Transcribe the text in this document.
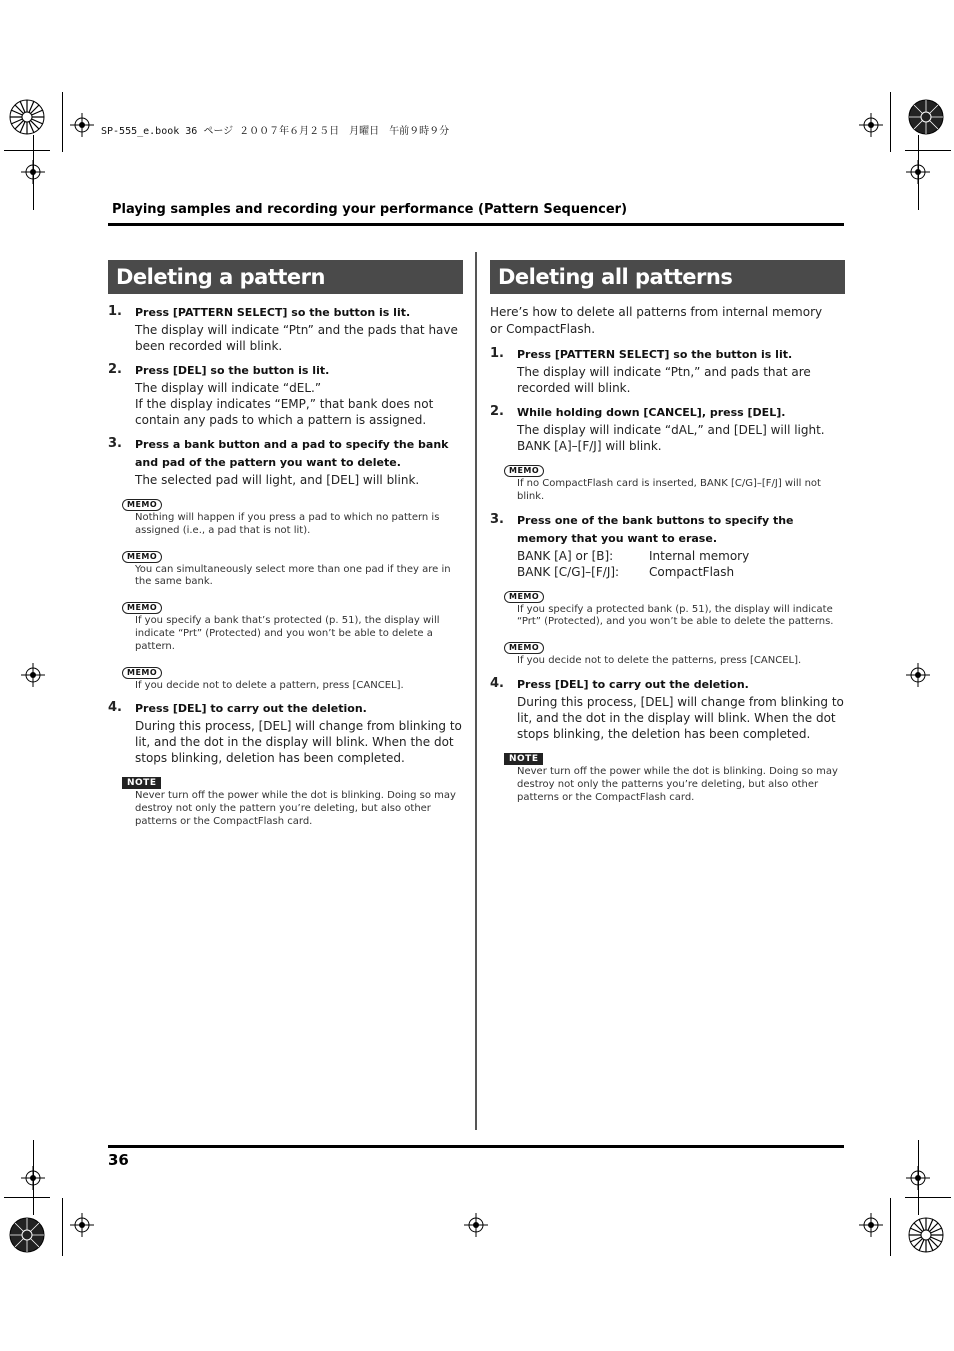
SP-555_e.book 36 ページ ２００７年６月２５日　月曜日　午前９時９分
Playing samples and recording your performance (Pattern Sequencer)
Deleting a pattern
1. Press [PATTERN SELECT] so the button is lit.

The display will indicate “Ptn” and the pads that have been recorded will blink.

2. Press [DEL] so the button is lit.

The display will indicate “dEL.”

If the display indicates “EMP,” that bank does not contain any pads to which a pattern is assigned.

3. Press a bank button and a pad to specify the bank and pad of the pattern you want to delete.

The selected pad will light, and [DEL] will blink.

MEMO
Nothing will happen if you press a pad to which no pattern is assigned (i.e., a pad that is not lit).
MEMO
You can simultaneously select more than one pad if they are in the same bank.
MEMO
If you specify a bank that’s protected (p. 51), the display will indicate “Prt” (Protected) and you won’t be able to delete a pattern.
MEMO
If you decide not to delete a pattern, press [CANCEL].
4. Press [DEL] to carry out the deletion.

During this process, [DEL] will change from blinking to lit, and the dot in the display will blink. When the dot stops blinking, deletion has been completed.

NOTE
Never turn off the power while the dot is blinking. Doing so may destroy not only the pattern you’re deleting, but also other patterns or the CompactFlash card.
Deleting all patterns

Here’s how to delete all patterns from internal memory or CompactFlash.

1. Press [PATTERN SELECT] so the button is lit.

The display will indicate “Ptn,” and pads that are recorded will blink.

2. While holding down [CANCEL], press [DEL].

The display will indicate “dAL,” and [DEL] will light.

BANK [A]–[F/J] will blink.

MEMO
If no CompactFlash card is inserted, BANK [C/G]–[F/J] will not blink.
3. Press one of the bank buttons to specify the memory that you want to erase.
BANK [A] or [B]:	Internal memory
BANK [C/G]–[F/J]:	CompactFlash
MEMO
If you specify a protected bank (p. 51), the display will indicate “Prt” (Protected), and you won’t be able to delete the patterns.
MEMO
If you decide not to delete the patterns, press [CANCEL].
4. Press [DEL] to carry out the deletion.

During this process, [DEL] will change from blinking to lit, and the dot in the display will blink. When the dot stops blinking, the deletion has been completed.

NOTE
Never turn off the power while the dot is blinking. Doing so may destroy not only the patterns you’re deleting, but also other patterns or the CompactFlash card.
36
